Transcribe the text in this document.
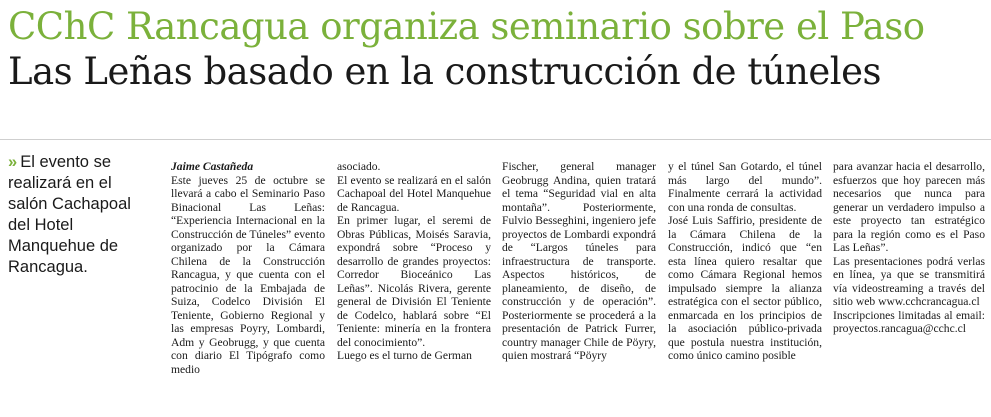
CChC Rancagua organiza seminario sobre el Paso
Las Leñas basado en la construcción de túneles
» El evento se realizará en el salón Cachapoal del Hotel Manquehue de Rancagua.
Jaime Castañeda
Este jueves 25 de octubre se llevará a cabo el Seminario Paso Binacional Las Leñas: “Experiencia Internacional en la Construcción de Túneles” evento organizado por la Cámara Chilena de la Construcción Rancagua, y que cuenta con el patrocinio de la Embajada de Suiza, Codelco División El Teniente, Gobierno Regional y las empresas Poyry, Lombardi, Adm y Geobrugg, y que cuenta con diario El Tipógrafo como medio
asociado.
El evento se realizará en el salón Cachapoal del Hotel Manquehue de Rancagua.
En primer lugar, el seremi de Obras Públicas, Moisés Saravia, expondrá sobre “Proceso y desarrollo de grandes proyectos: Corredor Bioceánico Las Leñas”. Nicolás Rivera, gerente general de División El Teniente de Codelco, hablará sobre “El Teniente: minería en la frontera del conocimiento”.
Luego es el turno de German
Fischer, general manager Geobrugg Andina, quien tratará el tema “Seguridad vial en alta montaña”. Posteriormente, Fulvio Besseghini, ingeniero jefe proyectos de Lombardi expondrá de “Largos túneles para infraestructura de transporte. Aspectos históricos, de planeamiento, de diseño, de construcción y de operación”. Posteriormente se procederá a la presentación de Patrick Furrer, country manager Chile de Pöyry, quien mostrará “Pöyry
y el túnel San Gotardo, el túnel más largo del mundo”. Finalmente cerrará la actividad con una ronda de consultas.
José Luis Saffirio, presidente de la Cámara Chilena de la Construcción, indicó que “en esta línea quiero resaltar que como Cámara Regional hemos impulsado siempre la alianza estratégica con el sector público, enmarcada en los principios de la asociación público-privada que postula nuestra institución, como único camino posible
para avanzar hacia el desarrollo, esfuerzos que hoy parecen más necesarios que nunca para generar un verdadero impulso a este proyecto tan estratégico para la región como es el Paso Las Leñas”.
Las presentaciones podrá verlas en línea, ya que se transmitirá vía videostreaming a través del sitio web www.cchcrancagua.cl
Inscripciones limitadas al email: proyectos.rancagua@cchc.cl
